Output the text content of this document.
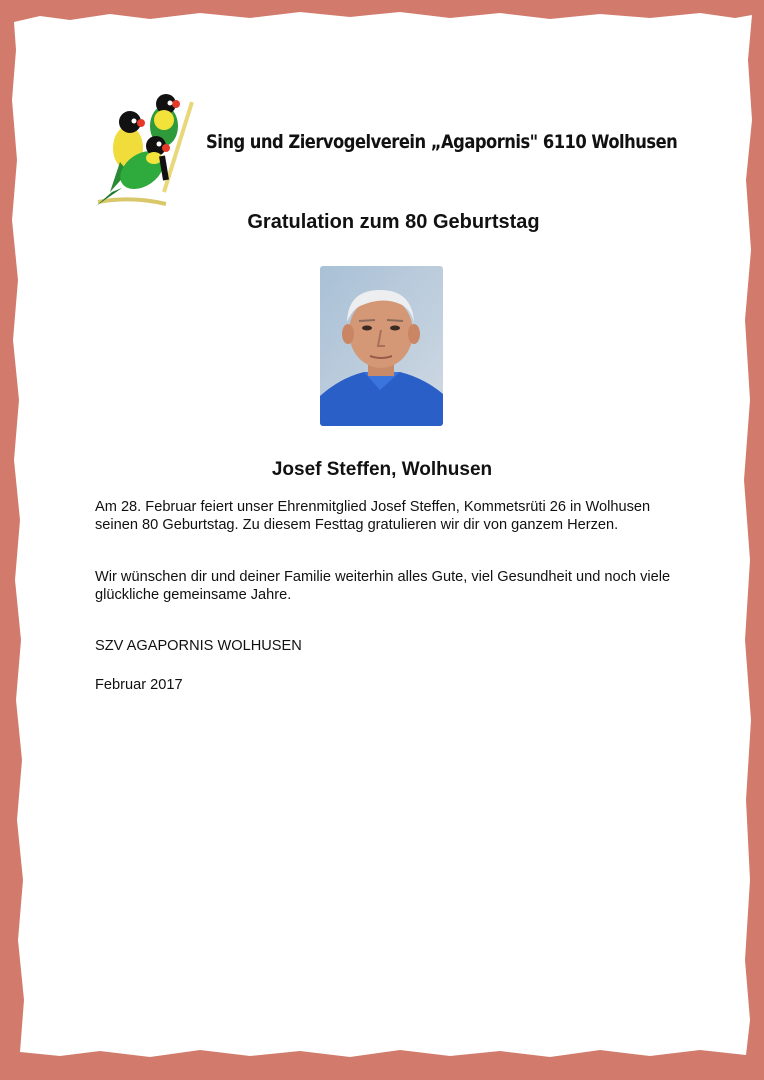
Sing und Ziervogelverein „Agapornis" 6110 Wolhusen
Gratulation zum 80 Geburtstag
Josef Steffen, Wolhusen

Am 28. Februar feiert unser Ehrenmitglied Josef Steffen, Kommetsrüti 26 in Wolhusen seinen 80 Geburtstag. Zu diesem Festtag gratulieren wir dir von ganzem Herzen.

Wir wünschen dir und deiner Familie weiterhin alles Gute, viel Gesundheit und noch viele glückliche gemeinsame Jahre.

SZV AGAPORNIS WOLHUSEN

Februar 2017
